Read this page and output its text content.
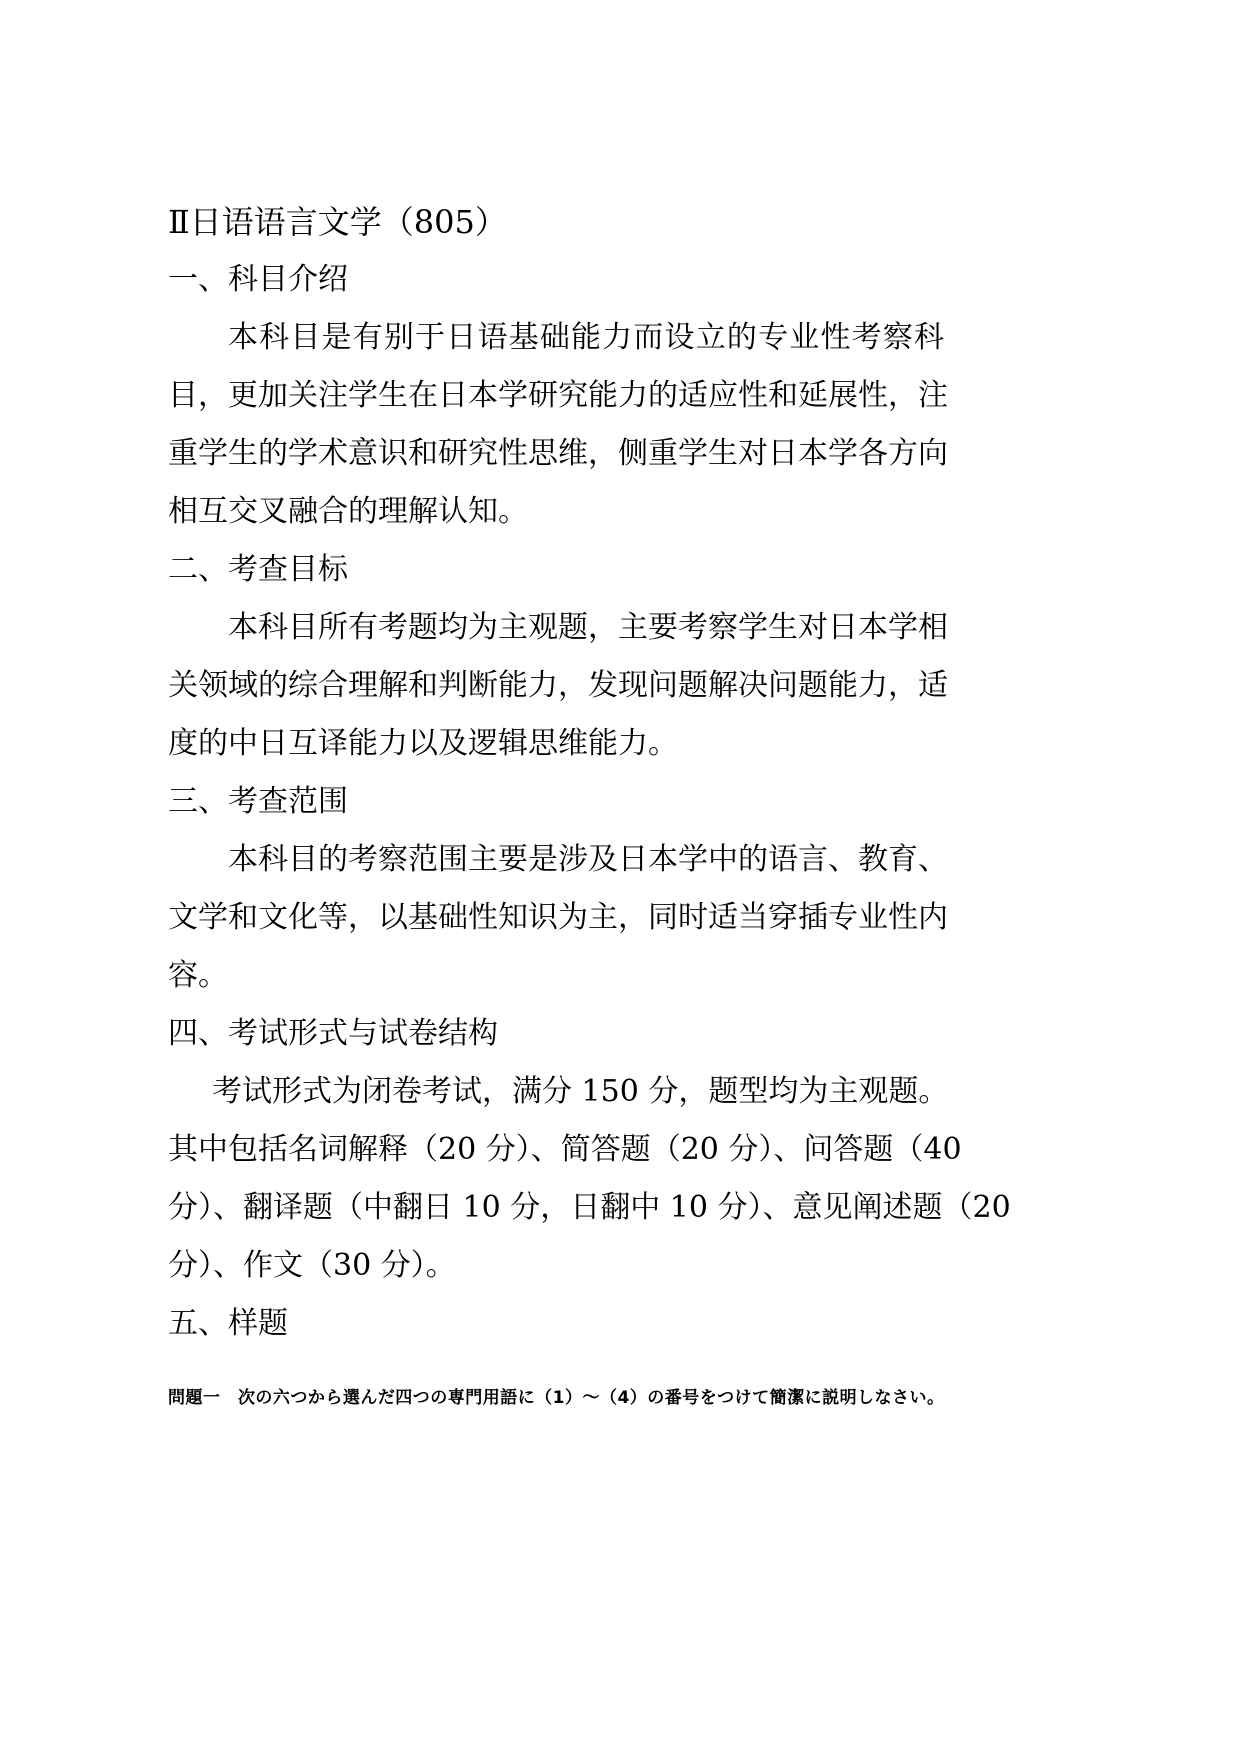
Ⅱ日语语言文学（805）
一、科目介绍
本科目是有别于日语基础能力而设立的专业性考察科
目，更加关注学生在日本学研究能力的适应性和延展性，注
重学生的学术意识和研究性思维，侧重学生对日本学各方向
相互交叉融合的理解认知。
二、考查目标
本科目所有考题均为主观题，主要考察学生对日本学相
关领域的综合理解和判断能力，发现问题解决问题能力，适
度的中日互译能力以及逻辑思维能力。
三、考查范围
本科目的考察范围主要是涉及日本学中的语言、教育、
文学和文化等，以基础性知识为主，同时适当穿插专业性内
容。
四、考试形式与试卷结构
考试形式为闭卷考试，满分 150 分，题型均为主观题。
其中包括名词解释（20 分）、简答题（20 分）、问答题（40
分）、翻译题（中翻日 10 分，日翻中 10 分）、意见阐述题（20
分）、作文（30 分）。
五、样题
問題一　次の六つから選んだ四つの専門用語に（1）～（4）の番号をつけて簡潔に説明しなさい。
